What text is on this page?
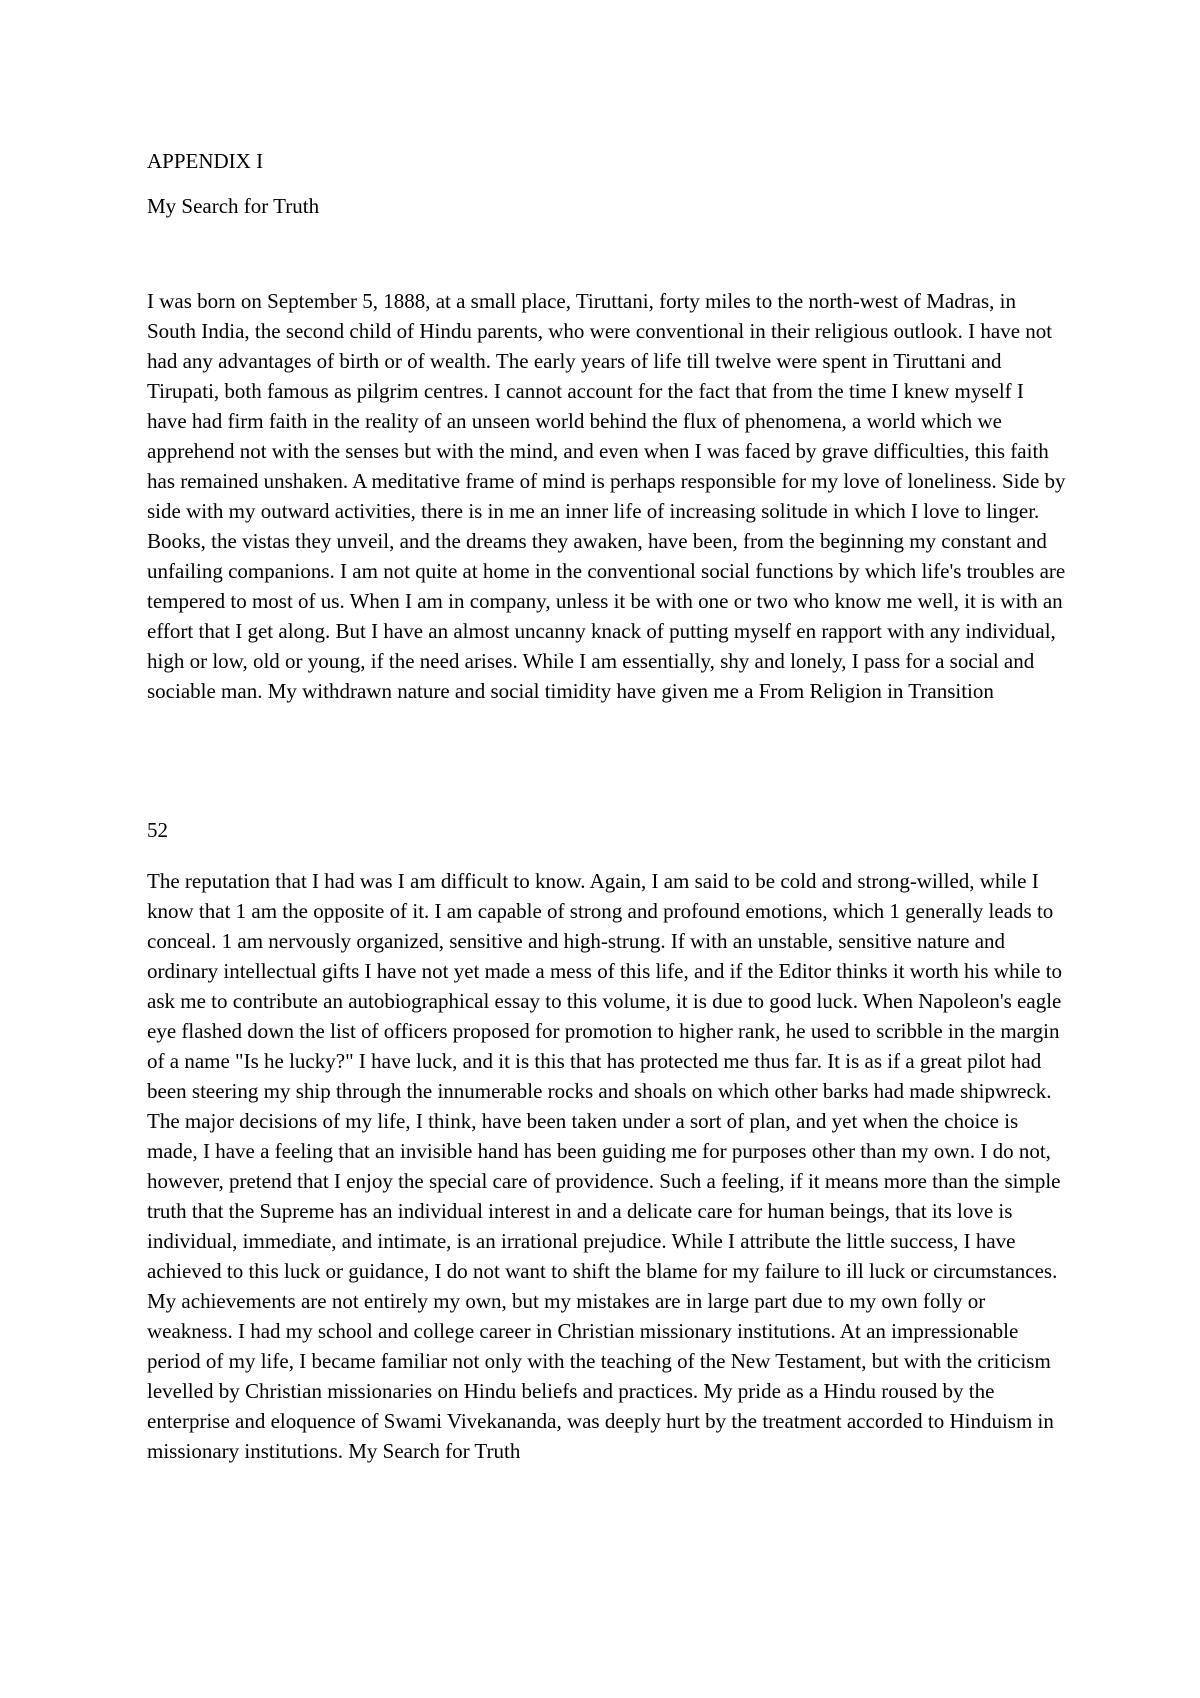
APPENDIX I
My Search for Truth

I was born on September 5, 1888, at a small place, Tiruttani, forty miles to the north-west of Madras, in South India, the second child of Hindu parents, who were conventional in their religious outlook. I have not had any advantages of birth or of wealth. The early years of life till twelve were spent in Tiruttani and Tirupati, both famous as pilgrim centres. I cannot account for the fact that from the time I knew myself I have had firm faith in the reality of an unseen world behind the flux of phenomena, a world which we apprehend not with the senses but with the mind, and even when I was faced by grave difficulties, this faith has remained unshaken. A meditative frame of mind is perhaps responsible for my love of loneliness. Side by side with my outward activities, there is in me an inner life of increasing solitude in which I love to linger. Books, the vistas they unveil, and the dreams they awaken, have been, from the beginning my constant and unfailing companions. I am not quite at home in the conventional social functions by which life's troubles are tempered to most of us. When I am in company, unless it be with one or two who know me well, it is with an effort that I get along. But I have an almost uncanny knack of putting myself en rapport with any individual, high or low, old or young, if the need arises. While I am essentially, shy and lonely, I pass for a social and sociable man. My withdrawn nature and social timidity have given me a From Religion in Transition

52

The reputation that I had was I am difficult to know. Again, I am said to be cold and strong-willed, while I know that 1 am the opposite of it. I am capable of strong and profound emotions, which 1 generally leads to conceal. 1 am nervously organized, sensitive and high-strung. If with an unstable, sensitive nature and ordinary intellectual gifts I have not yet made a mess of this life, and if the Editor thinks it worth his while to ask me to contribute an autobiographical essay to this volume, it is due to good luck. When Napoleon's eagle eye flashed down the list of officers proposed for promotion to higher rank, he used to scribble in the margin of a name "Is he lucky?" I have luck, and it is this that has protected me thus far. It is as if a great pilot had been steering my ship through the innumerable rocks and shoals on which other barks had made shipwreck. The major decisions of my life, I think, have been taken under a sort of plan, and yet when the choice is made, I have a feeling that an invisible hand has been guiding me for purposes other than my own. I do not, however, pretend that I enjoy the special care of providence. Such a feeling, if it means more than the simple truth that the Supreme has an individual interest in and a delicate care for human beings, that its love is individual, immediate, and intimate, is an irrational prejudice. While I attribute the little success, I have achieved to this luck or guidance, I do not want to shift the blame for my failure to ill luck or circumstances. My achievements are not entirely my own, but my mistakes are in large part due to my own folly or weakness. I had my school and college career in Christian missionary institutions. At an impressionable period of my life, I became familiar not only with the teaching of the New Testament, but with the criticism levelled by Christian missionaries on Hindu beliefs and practices. My pride as a Hindu roused by the enterprise and eloquence of Swami Vivekananda, was deeply hurt by the treatment accorded to Hinduism in missionary institutions. My Search for Truth
